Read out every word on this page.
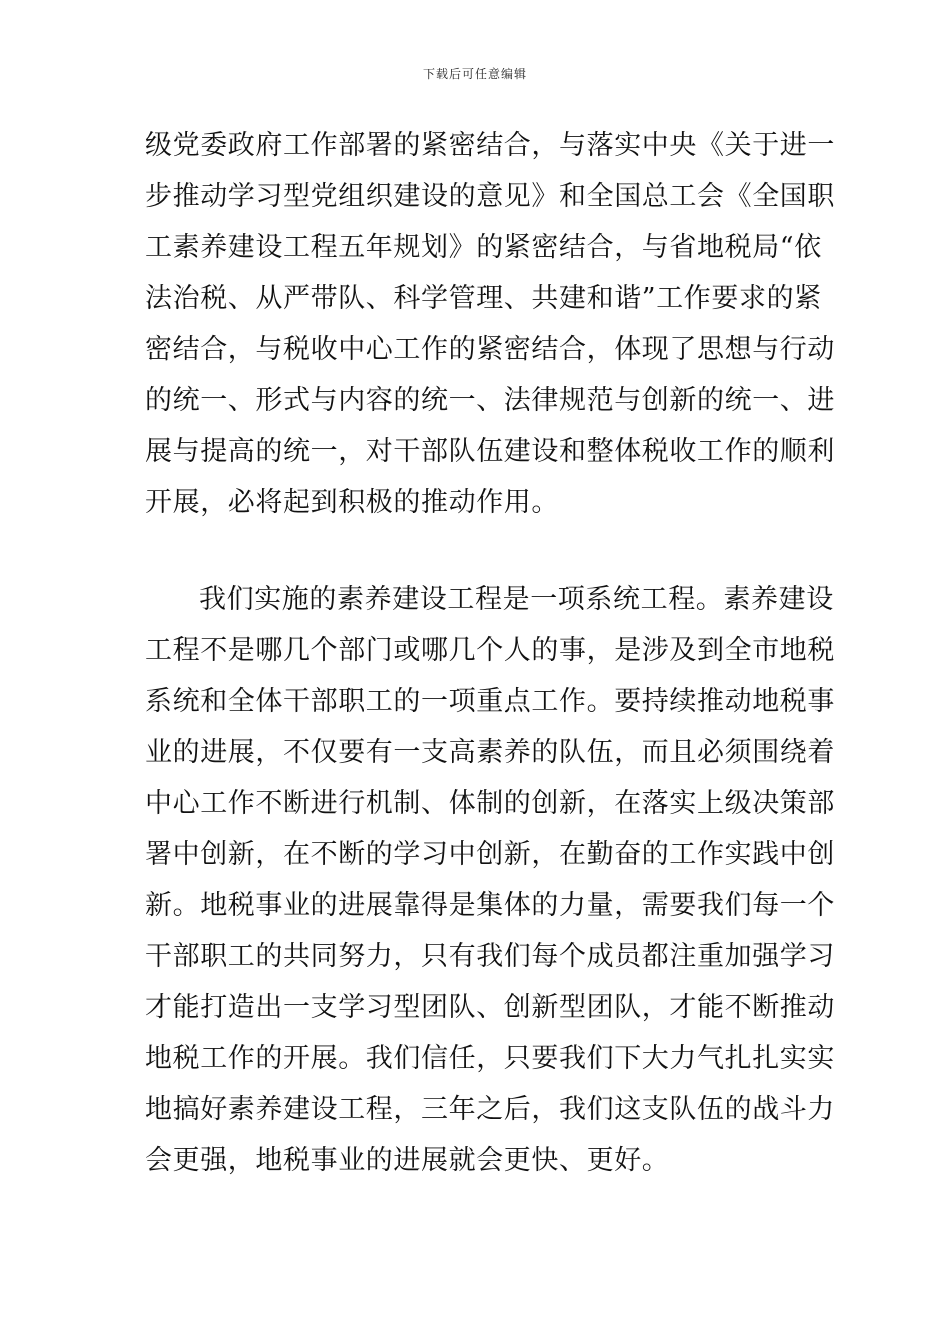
下载后可任意编辑
级党委政府工作部署的紧密结合，与落实中央《关于进一
步推动学习型党组织建设的意见》和全国总工会《全国职
工素养建设工程五年规划》的紧密结合，与省地税局“依
法治税、从严带队、科学管理、共建和谐”工作要求的紧
密结合，与税收中心工作的紧密结合，体现了思想与行动
的统一、形式与内容的统一、法律规范与创新的统一、进
展与提高的统一，对干部队伍建设和整体税收工作的顺利
开展，必将起到积极的推动作用。
我们实施的素养建设工程是一项系统工程。素养建设
工程不是哪几个部门或哪几个人的事，是涉及到全市地税
系统和全体干部职工的一项重点工作。要持续推动地税事
业的进展，不仅要有一支高素养的队伍，而且必须围绕着
中心工作不断进行机制、体制的创新，在落实上级决策部
署中创新，在不断的学习中创新，在勤奋的工作实践中创
新。地税事业的进展靠得是集体的力量，需要我们每一个
干部职工的共同努力，只有我们每个成员都注重加强学习
才能打造出一支学习型团队、创新型团队，才能不断推动
地税工作的开展。我们信任，只要我们下大力气扎扎实实
地搞好素养建设工程，三年之后，我们这支队伍的战斗力
会更强，地税事业的进展就会更快、更好。
